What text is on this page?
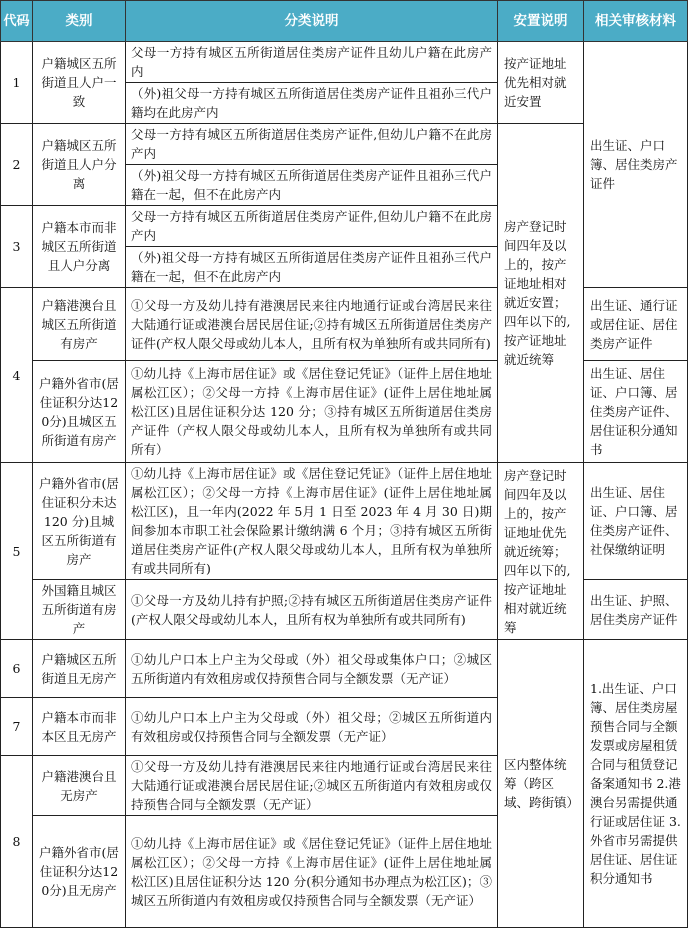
代码	类别	分类说明	安置说明	相关审核材料
1	户籍城区五所街道且人户一致	父母一方持有城区五所街道居住类房产证件且幼儿户籍在此房产内	按产证地址优先相对就近安置	出生证、户口簿、居住类房产证件
		（外)祖父母一方持有城区五所街道居住类房产证件且祖孙三代户籍均在此房产内		
2	户籍城区五所街道且人户分离	父母一方持有城区五所街道居住类房产证件,但幼儿户籍不在此房产内	房产登记时间四年及以上的，按产证地址相对就近安置；四年以下的,按产证地址就近统筹	
		（外)祖父母一方持有城区五所街道居住类房产证件且祖孙三代户籍在一起，但不在此房产内		
3	户籍本市而非城区五所街道且人户分离	父母一方持有城区五所街道居住类房产证件,但幼儿户籍不在此房产内		
		（外)祖父母一方持有城区五所街道居住类房产证件且祖孙三代户籍在一起，但不在此房产内		
4	户籍港澳台且城区五所街道有房产	①父母一方及幼儿持有港澳居民来往内地通行证或台湾居民来往大陆通行证或港澳台居民居住证;②持有城区五所街道居住类房产证件(产权人限父母或幼儿本人，且所有权为单独所有或共同所有)		出生证、通行证或居住证、居住类房产证件
	户籍外省市(居住证积分达120分)且城区五所街道有房产	①幼儿持《上海市居住证》或《居住登记凭证》（证件上居住地址属松江区）；②父母一方持《上海市居住证》(证件上居住地址属松江区)且居住证积分达 120 分；③持有城区五所街道居住类房产证件（产权人限父母或幼儿本人，且所有权为单独所有或共同所有）		出生证、居住证、户口簿、居住类房产证件、居住证积分通知书
5	户籍外省市(居住证积分未达 120 分)且城区五所街道有房产	①幼儿持《上海市居住证》或《居住登记凭证》（证件上居住地址属松江区）；②父母一方持《上海市居住证》(证件上居住地址属松江区)，且一年内(2022 年 5月 1 日至 2023 年 4 月 30 日)期间参加本市职工社会保险累计缴纳满 6 个月；③持有城区五所街道居住类房产证件(产权人限父母或幼儿本人，且所有权为单独所有或共同所有)	房产登记时间四年及以上的，按产证地址优先就近统筹；四年以下的,按产证地址相对就近统筹	出生证、居住证、户口簿、居住类房产证件、社保缴纳证明
	外国籍且城区五所街道有房产	①父母一方及幼儿持有护照;②持有城区五所街道居住类房产证件(产权人限父母或幼儿本人，且所有权为单独所有或共同所有)		出生证、护照、居住类房产证件
6	户籍城区五所街道且无房产	①幼儿户口本上户主为父母或（外）祖父母或集体户口；②城区五所街道内有效租房或仅持预售合同与全额发票（无产证）	区内整体统筹（跨区域、跨街镇）	1.出生证、户口簿、居住类房屋预售合同与全额发票或房屋租赁合同与租赁登记备案通知书 2.港澳台另需提供通行证或居住证 3.外省市另需提供居住证、居住证积分通知书
7	户籍本市而非本区且无房产	①幼儿户口本上户主为父母或（外）祖父母；②城区五所街道内有效租房或仅持预售合同与全额发票（无产证）		
8	户籍港澳台且无房产	①父母一方及幼儿持有港澳居民来往内地通行证或台湾居民来往大陆通行证或港澳台居民居住证;②城区五所街道内有效租房或仅持预售合同与全额发票（无产证）		
	户籍外省市(居住证积分达120分)且无房产	①幼儿持《上海市居住证》或《居住登记凭证》（证件上居住地址属松江区）；②父母一方持《上海市居住证》(证件上居住地址属松江区)且居住证积分达 120 分(积分通知书办理点为松江区)；③城区五所街道内有效租房或仅持预售合同与全额发票（无产证）		
